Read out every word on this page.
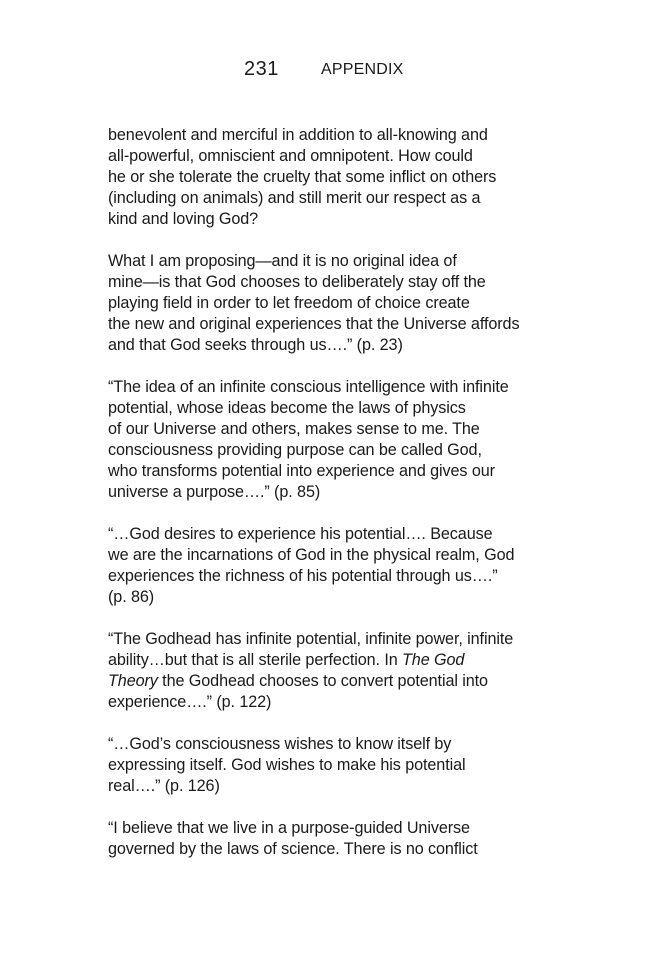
231	APPENDIX

benevolent and merciful in addition to all-knowing and
all-powerful, omniscient and omnipotent. How could
he or she tolerate the cruelty that some inflict on others
(including on animals) and still merit our respect as a
kind and loving God?

What I am proposing—and it is no original idea of
mine—is that God chooses to deliberately stay off the
playing field in order to let freedom of choice create
the new and original experiences that the Universe affords
and that God seeks through us….” (p. 23)

“The idea of an infinite conscious intelligence with infinite
potential, whose ideas become the laws of physics
of our Universe and others, makes sense to me. The
consciousness providing purpose can be called God,
who transforms potential into experience and gives our
universe a purpose….” (p. 85)

“…God desires to experience his potential…. Because
we are the incarnations of God in the physical realm, God
experiences the richness of his potential through us….”
(p. 86)

“The Godhead has infinite potential, infinite power, infinite
ability…but that is all sterile perfection. In The God
Theory the Godhead chooses to convert potential into
experience….” (p. 122)

“…God’s consciousness wishes to know itself by
expressing itself. God wishes to make his potential
real….” (p. 126)

“I believe that we live in a purpose-guided Universe
governed by the laws of science. There is no conflict
